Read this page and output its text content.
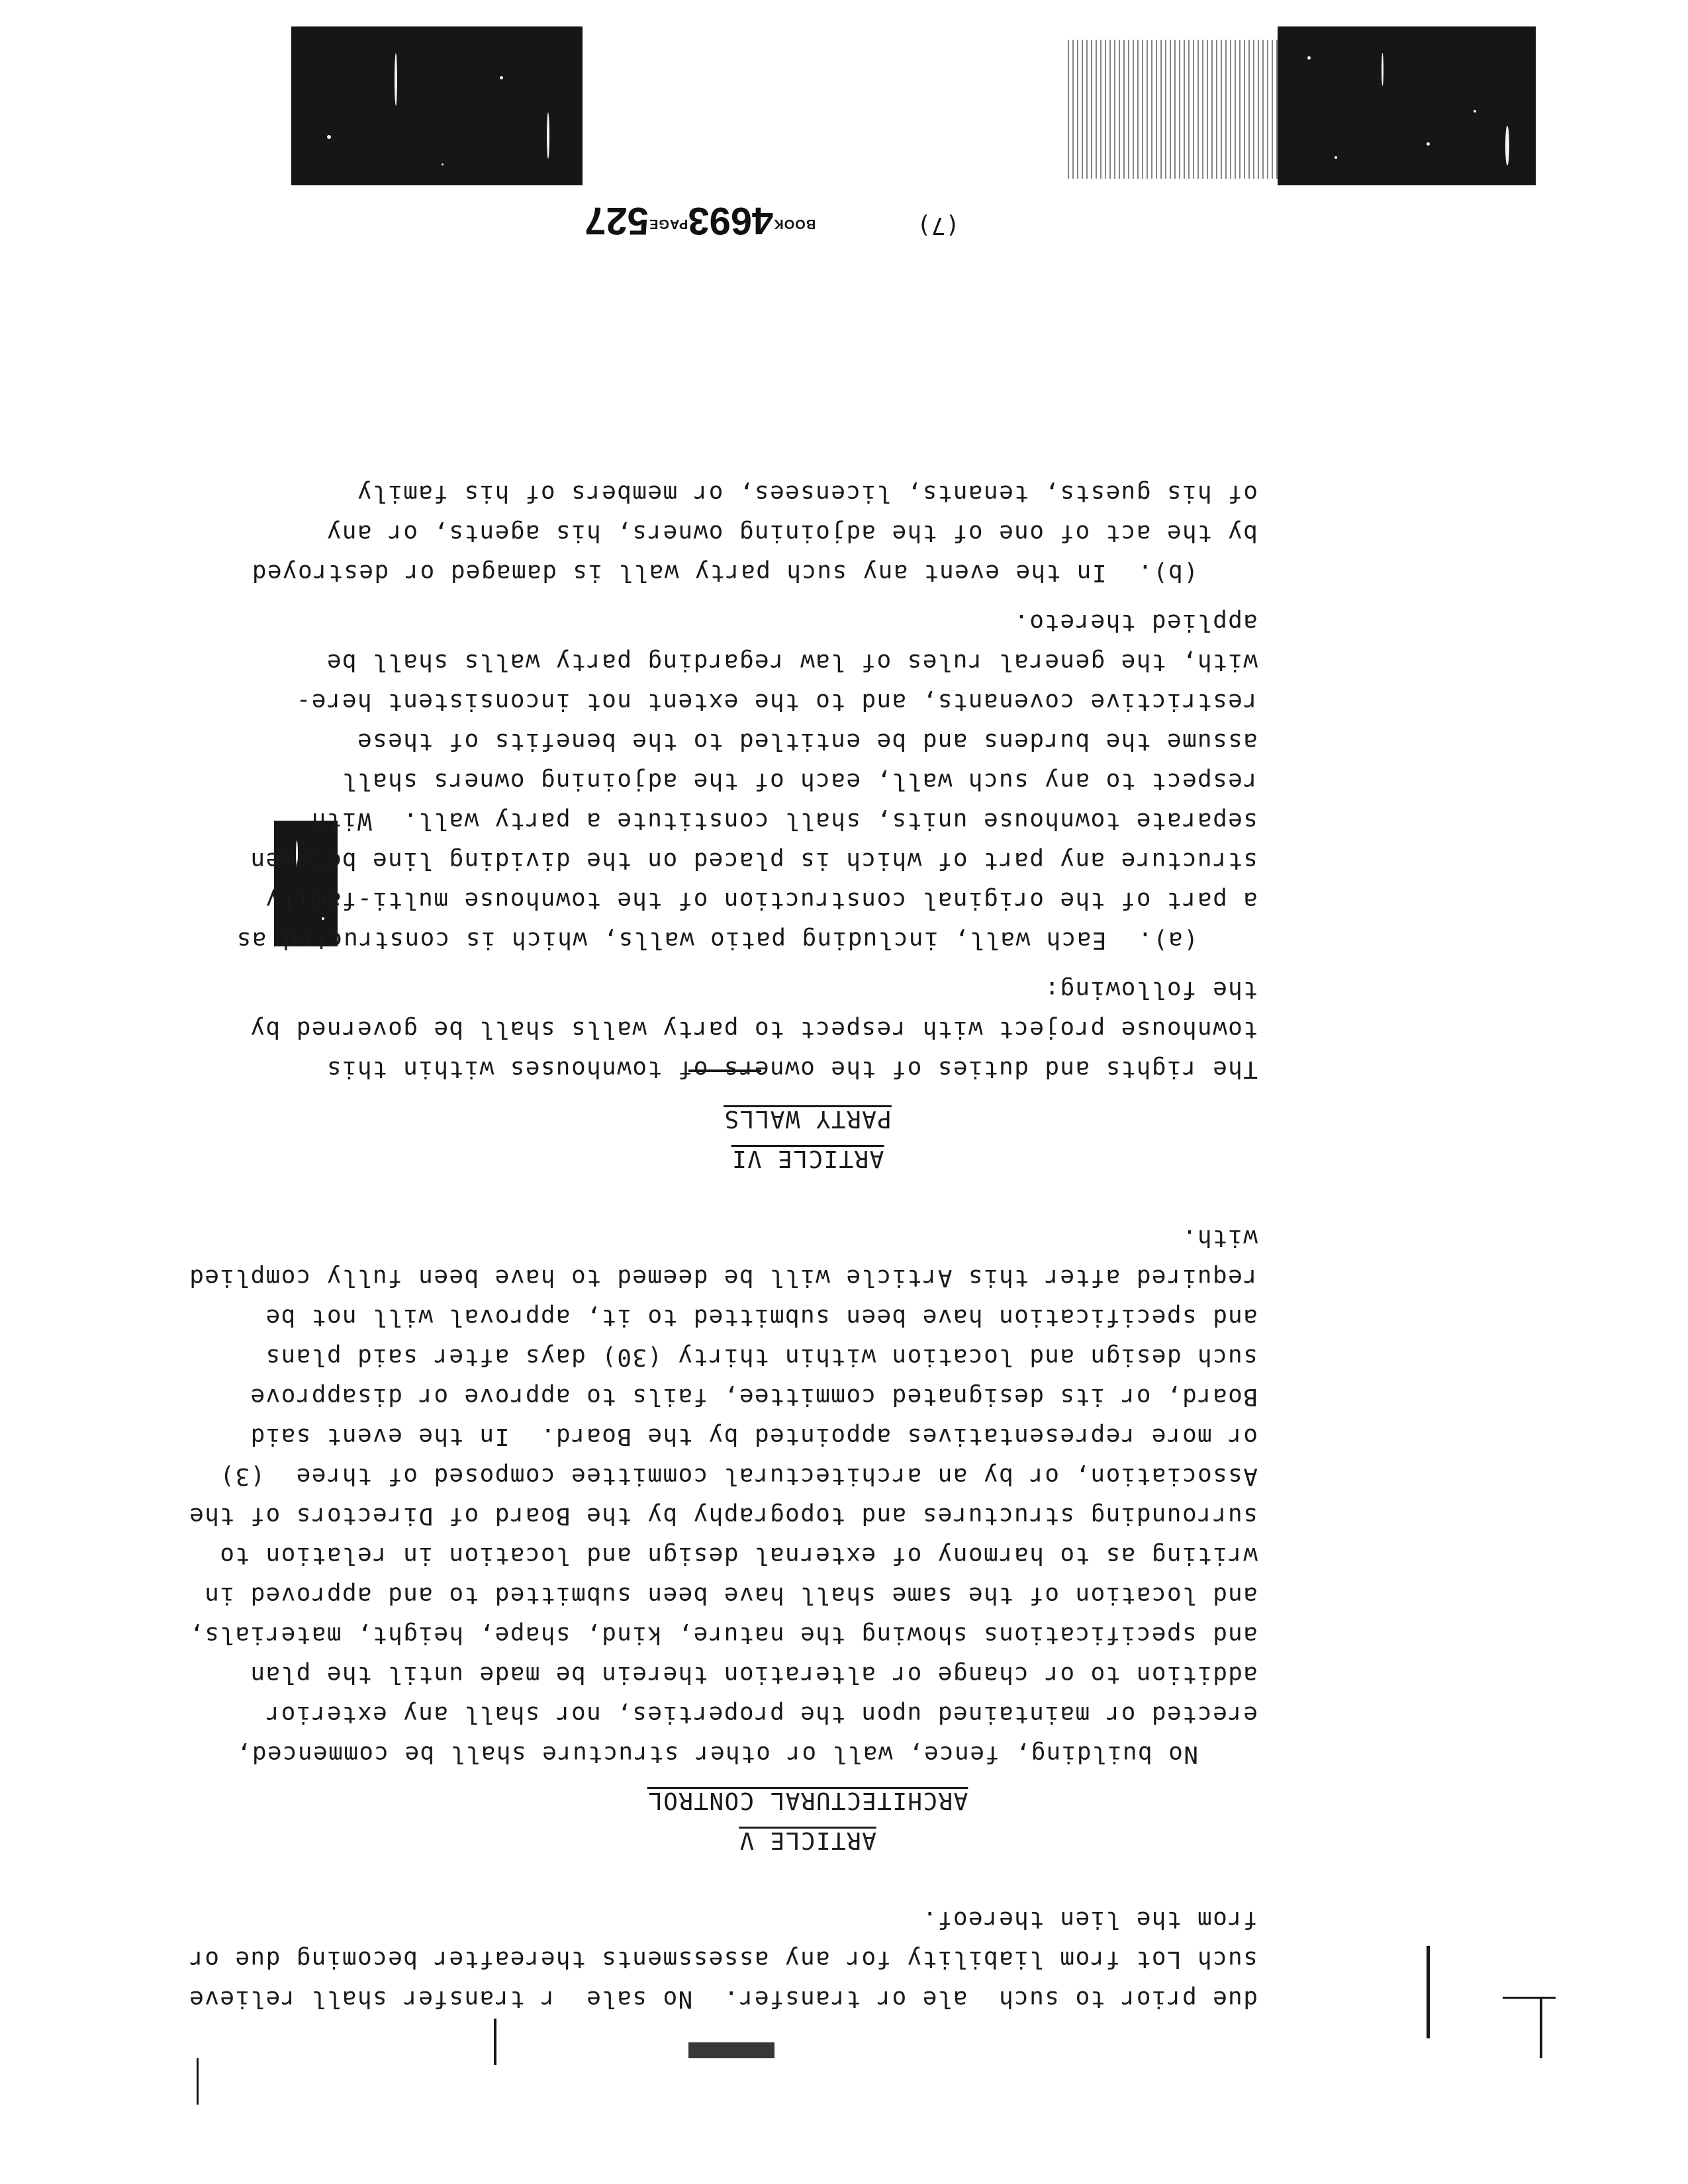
due prior to such  ale or transfer.  No sale  r transfer shall relieve
such Lot from liability for any assessments thereafter becoming due or
from the lien thereof.
ARTICLE V
ARCHITECTURAL CONTROL
No building, fence, wall or other structure shall be commenced,
erected or maintained upon the properties, nor shall any exterior
addition to or change or alteration therein be made until the plan
and specifications showing the nature, kind, shape, height, materials,
and location of the same shall have been submitted to and approved in
writing as to harmony of external design and location in relation to
surrounding structures and topography by the Board of Directors of the
Association, or by an architectural committee composed of three  (3)
or more representatives appointed by the Board.  In the event said
Board, or its designated committee, fails to approve or disapprove
such design and location within thirty (30) days after said plans
and specification have been submitted to it, approval will not be
required after this Article will be deemed to have been fully complied
with.
ARTICLE VI
PARTY WALLS
The rights and duties of the owners of townhouses within this
townhouse project with respect to party walls shall be governed by
the following:
(a).  Each wall, including patio walls, which is constructed as
a part of the original construction of the townhouse multi-family
structure any part of which is placed on the dividing line between
separate townhouse units, shall constitute a party wall.  With
respect to any such wall, each of the adjoining owners shall
assume the burdens and be entitled to the benefits of these
restrictive covenants, and to the extent not inconsistent here-
with, the general rules of law regarding party walls shall be
applied thereto.
(b).  In the event any such party wall is damaged or destroyed
by the act of one of the adjoining owners, his agents, or any
of his guests, tenants, licensees, or members of his family
(7)

BOOK4693PAGE527
